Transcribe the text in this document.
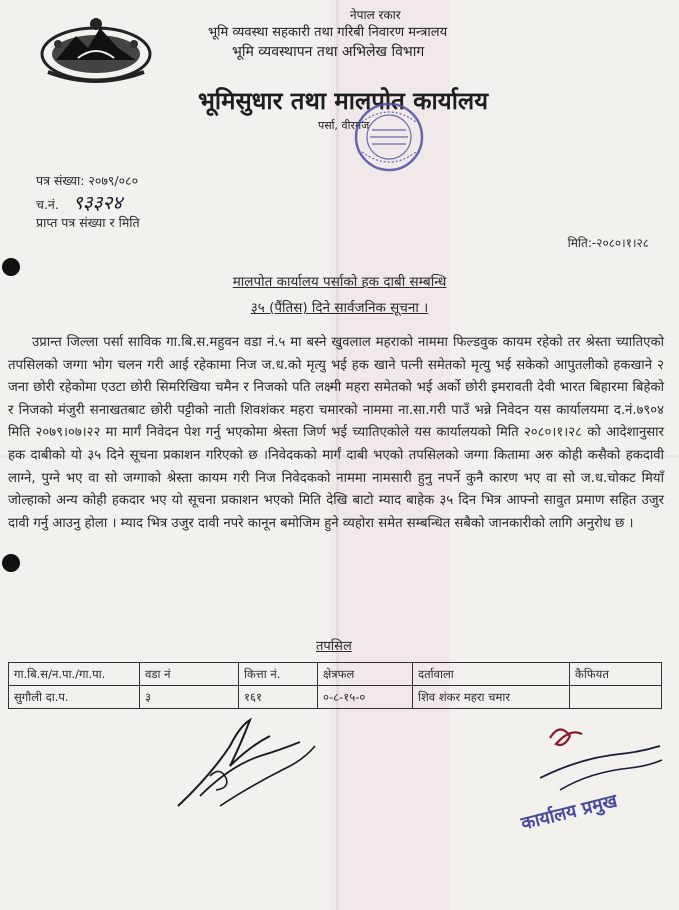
नेपाल रकार
भूमि व्यवस्था सहकारी तथा गरिबी निवारण मन्त्रालय
भूमि व्यवस्थापन तथा अभिलेख विभाग
भूमिसुधार तथा मालपोत कार्यालय
पर्सा, वीरगंज
पत्र संख्या: २०७९/०८०
च.नं. ९३३२४
प्राप्त पत्र संख्या र मिति
मिति:-२०८०।१।२८
मालपोत कार्यालय पर्साको हक दाबी सम्बन्धि
३५ (पैंतिस) दिने सार्वजनिक सूचना ।
उप्रान्त जिल्ला पर्सा साविक गा.बि.स.महुवन वडा नं.५ मा बस्ने खुवलाल महराको नाममा फिल्डवुक कायम रहेको तर श्रेस्ता च्यातिएको तपसिलको जग्गा भोग चलन गरी आई रहेकामा निज ज.ध.को मृत्यु भई हक खाने पत्नी समेतको मृत्यु भई सकेको आपुतलीको हकखाने २ जना छोरी रहेकोमा एउटा छोरी सिमरिखिया चमैन र निजको पति लक्ष्मी महरा समेतको भई अर्को छोरी इमरावती देवी भारत बिहारमा बिहेको र निजको मंजुरी सनाखतबाट छोरी पट्टीको नाती शिवशंकर महरा चमारको नाममा ना.सा.गरी पाउँ भन्ने निवेदन यस कार्यालयमा द.नं.७९०४ मिति २०७९।०७।२२ मा मार्गं निवेदन पेश गर्नु भएकोमा श्रेस्ता जिर्ण भई च्यातिएकोले यस कार्यालयको मिति २०८०।१।२८ को आदेशानुसार हक दाबीको यो ३५ दिने सूचना प्रकाशन गरिएको छ ।निवेदकको मार्गं दाबी भएको तपसिलको जग्गा कितामा अरु कोही कसैको हकदावी लाग्ने, पुग्ने भए वा सो जग्गाको श्रेस्ता कायम गरी निज निवेदकको नाममा नामसारी हुनु नपर्ने कुनै कारण भए वा सो ज.ध.चोकट मियाँ जोल्हाको अन्य कोही हकदार भए यो सूचना प्रकाशन भएको मिति देखि बाटो म्याद बाहेक ३५ दिन भित्र आफ्नो सावुत प्रमाण सहित उजुर दावी गर्नु आउनु होला । म्याद भित्र उजुर दावी नपरे कानून बमोजिम हुने व्यहोरा समेत सम्बन्धित सबैको जानकारीको लागि अनुरोध छ ।
तपसिल
गा.बि.स/न.पा./गा.पा.	वडा नं	कित्ता नं.	क्षेत्रफल	दर्तावाला	कैफियत
सुगौली दा.प.	३	१६१	०-८-१५-०	शिव शंकर महरा चमार	
कार्यालय प्रमुख
